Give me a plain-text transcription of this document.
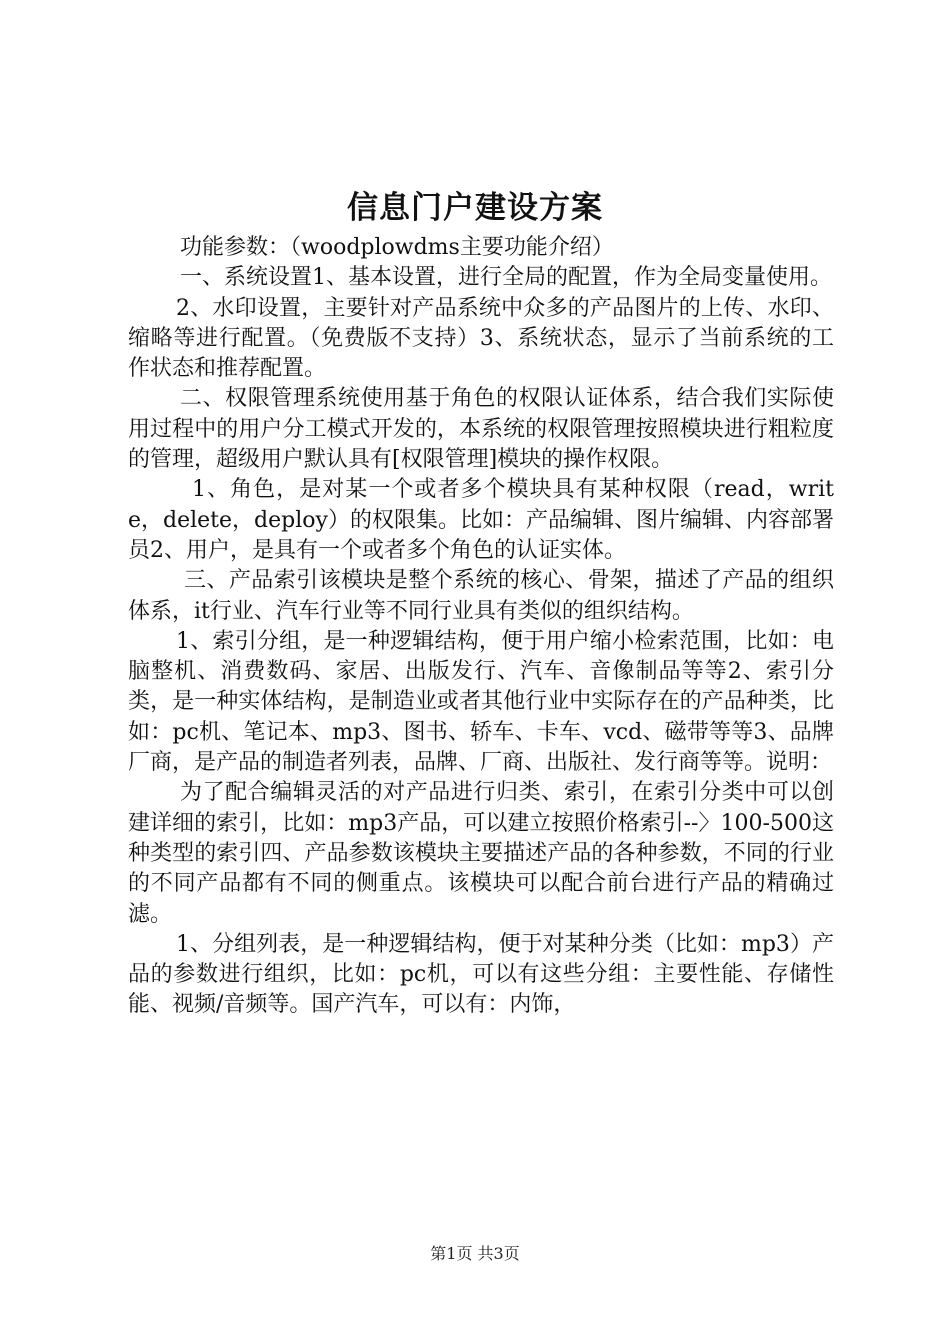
信息门户建设方案

功能参数：（woodplowdms主要功能介绍）

一、系统设置1、基本设置，进行全局的配置，作为全局变量使用。

2、水印设置，主要针对产品系统中众多的产品图片的上传、水印、缩略等进行配置。（免费版不支持）3、系统状态，显示了当前系统的工作状态和推荐配置。

二、权限管理系统使用基于角色的权限认证体系，结合我们实际使用过程中的用户分工模式开发的，本系统的权限管理按照模块进行粗粒度的管理，超级用户默认具有[权限管理]模块的操作权限。

1、角色，是对某一个或者多个模块具有某种权限（read，write，delete，deploy）的权限集。比如：产品编辑、图片编辑、内容部署员2、用户，是具有一个或者多个角色的认证实体。

三、产品索引该模块是整个系统的核心、骨架，描述了产品的组织体系，it行业、汽车行业等不同行业具有类似的组织结构。

1、索引分组，是一种逻辑结构，便于用户缩小检索范围，比如：电脑整机、消费数码、家居、出版发行、汽车、音像制品等等2、索引分类，是一种实体结构，是制造业或者其他行业中实际存在的产品种类，比如：pc机、笔记本、mp3、图书、轿车、卡车、vcd、磁带等等3、品牌厂商，是产品的制造者列表，品牌、厂商、出版社、发行商等等。说明：

为了配合编辑灵活的对产品进行归类、索引，在索引分类中可以创建详细的索引，比如：mp3产品，可以建立按照价格索引--〉100-500这种类型的索引四、产品参数该模块主要描述产品的各种参数，不同的行业的不同产品都有不同的侧重点。该模块可以配合前台进行产品的精确过滤。

1、分组列表，是一种逻辑结构，便于对某种分类（比如：mp3）产品的参数进行组织，比如：pc机，可以有这些分组：主要性能、存储性能、视频/音频等。国产汽车，可以有：内饰，

第1页 共3页
